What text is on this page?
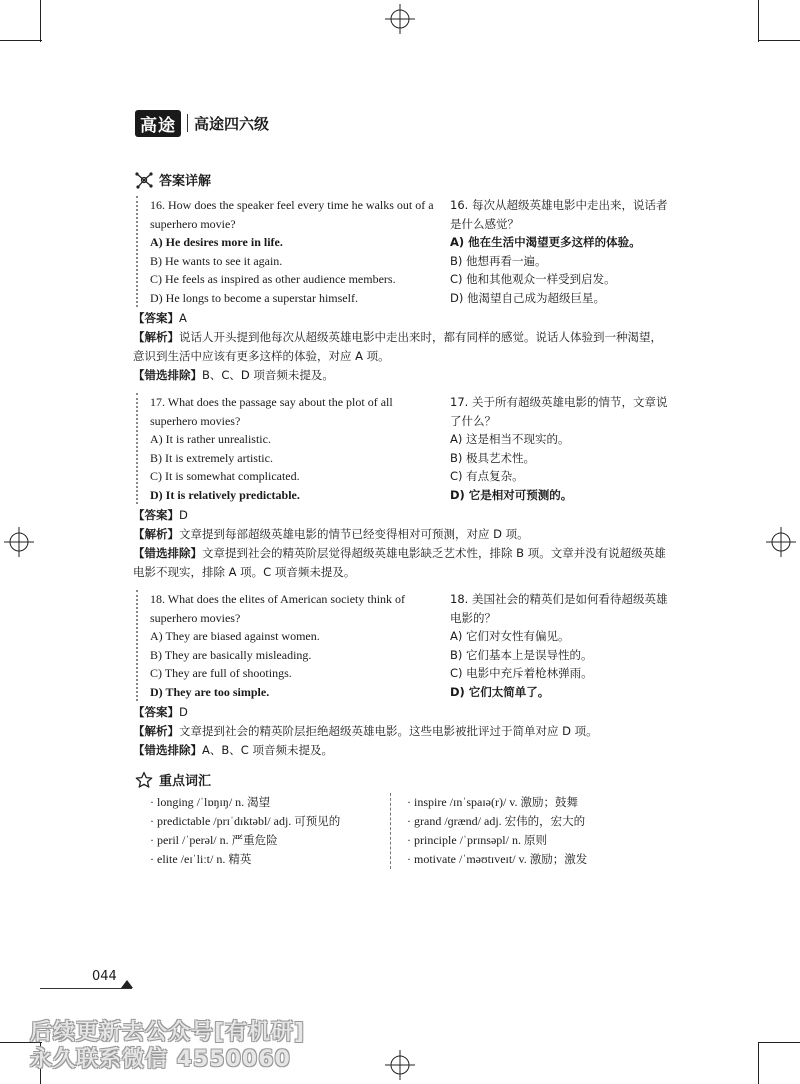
高途	高途四六级
答案详解
16. How does the speaker feel every time he walks out of a superhero movie?
16. 每次从超级英雄电影中走出来，说话者是什么感觉？
A) He desires more in life.	A) 他在生活中渴望更多这样的体验。
B) He wants to see it again.	B) 他想再看一遍。
C) He feels as inspired as other audience members.	C) 他和其他观众一样受到启发。
D) He longs to become a superstar himself.	D) 他渴望自己成为超级巨星。
【答案】A
【解析】说话人开头提到他每次从超级英雄电影中走出来时，都有同样的感觉。说话人体验到一种渴望，意识到生活中应该有更多这样的体验，对应 A 项。
【错选排除】B、C、D 项音频未提及。
17. What does the passage say about the plot of all superhero movies?
17. 关于所有超级英雄电影的情节，文章说了什么？
A) It is rather unrealistic.	A) 这是相当不现实的。
B) It is extremely artistic.	B) 极具艺术性。
C) It is somewhat complicated.	C) 有点复杂。
D) It is relatively predictable.	D) 它是相对可预测的。
【答案】D
【解析】文章提到每部超级英雄电影的情节已经变得相对可预测，对应 D 项。
【错选排除】文章提到社会的精英阶层觉得超级英雄电影缺乏艺术性，排除 B 项。文章并没有说超级英雄电影不现实，排除 A 项。C 项音频未提及。
18. What does the elites of American society think of superhero movies?
18. 美国社会的精英们是如何看待超级英雄电影的？
A) They are biased against women.	A) 它们对女性有偏见。
B) They are basically misleading.	B) 它们基本上是误导性的。
C) They are full of shootings.	C) 电影中充斥着枪林弹雨。
D) They are too simple.	D) 它们太简单了。
【答案】D
【解析】文章提到社会的精英阶层拒绝超级英雄电影。这些电影被批评过于简单对应 D 项。
【错选排除】A、B、C 项音频未提及。
重点词汇
· longing /ˈlɒŋɪŋ/ n. 渴望
· predictable /prɪˈdɪktəbl/ adj. 可预见的
· peril /ˈperəl/ n. 严重危险
· elite /eɪˈliːt/ n. 精英
· inspire /ɪnˈspaɪə(r)/ v. 激励；鼓舞
· grand /ɡrænd/ adj. 宏伟的，宏大的
· principle /ˈprɪnsəpl/ n. 原则
· motivate /ˈməʊtɪveɪt/ v. 激励；激发
044
后续更新去公众号[有机研]
永久联系微信 4550060
